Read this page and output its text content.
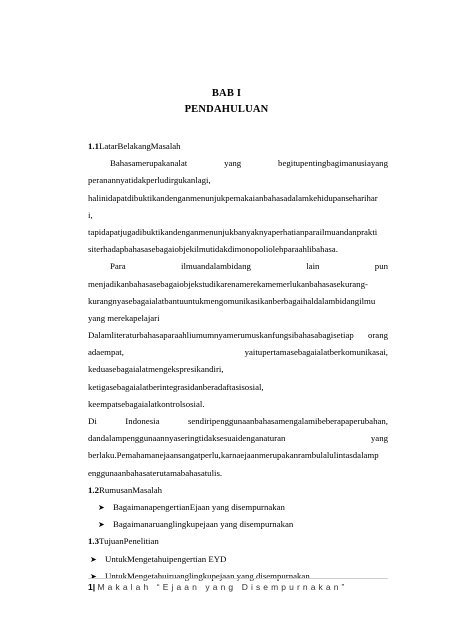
BAB I
PENDAHULUAN
1.1LatarBelakangMasalah
Bahasamerupakanalat	yang	begitupentingbagimanusiayang
peranannyatidakperludirgukanlagi,
halinidapatdibuktikandenganmenunjukpemakaianbahasadalamkehidupanseharihar
i,
tapidapatjugadibuktikandenganmenunjukbanyaknyaperhatianparailmuandanprakti
siterhadapbahasasebagaiobjekilmutidakdimonopoliolehparaahlibahasa.
Para	ilmuandalambidang	lain	pun
menjadikanbahasasebagaiobjekstudikarenamerekamemerlukanbahasasekurang-
kurangnyasebagaialatbantuuntukmengomunikasikanberbagaihaldalambidangilmu
yang merekapelajari
Dalamliteraturbahasaparaahliumumnyamerumuskanfungsibahasabagisetiap orang
adaempat,	yaitupertamasebagaialatberkomunikasai,
keduasebagaialatmengekspresikandiri,
ketigasebagaialatberintegrasidanberadaftasisosial,
keempatsebagaialatkontrolsosial.
Di	Indonesia	sendiripenggunaanbahasamengalamibeberapaperubahan,
dandalampenggunaannyaseringtidaksesuaidenganaturan	yang
berlaku.Pemahamanejaansangatperlu,karnaejaanmerupakanrambulalulintasdalamp
enggunaanbahasaterutamabahasatulis.
1.2RumusanMasalah
➤ BagaimanapengertianEjaan yang disempurnakan
➤ Bagaimanaruanglingkupejaan yang disempurnakan
1.3TujuanPenelitian
➤ UntukMengetahuipengertian EYD
➤ UntukMengetahuiruanglingkupejaan yang disempurnakan
1| Makalah “Ejaan yang Disempurnakan”
